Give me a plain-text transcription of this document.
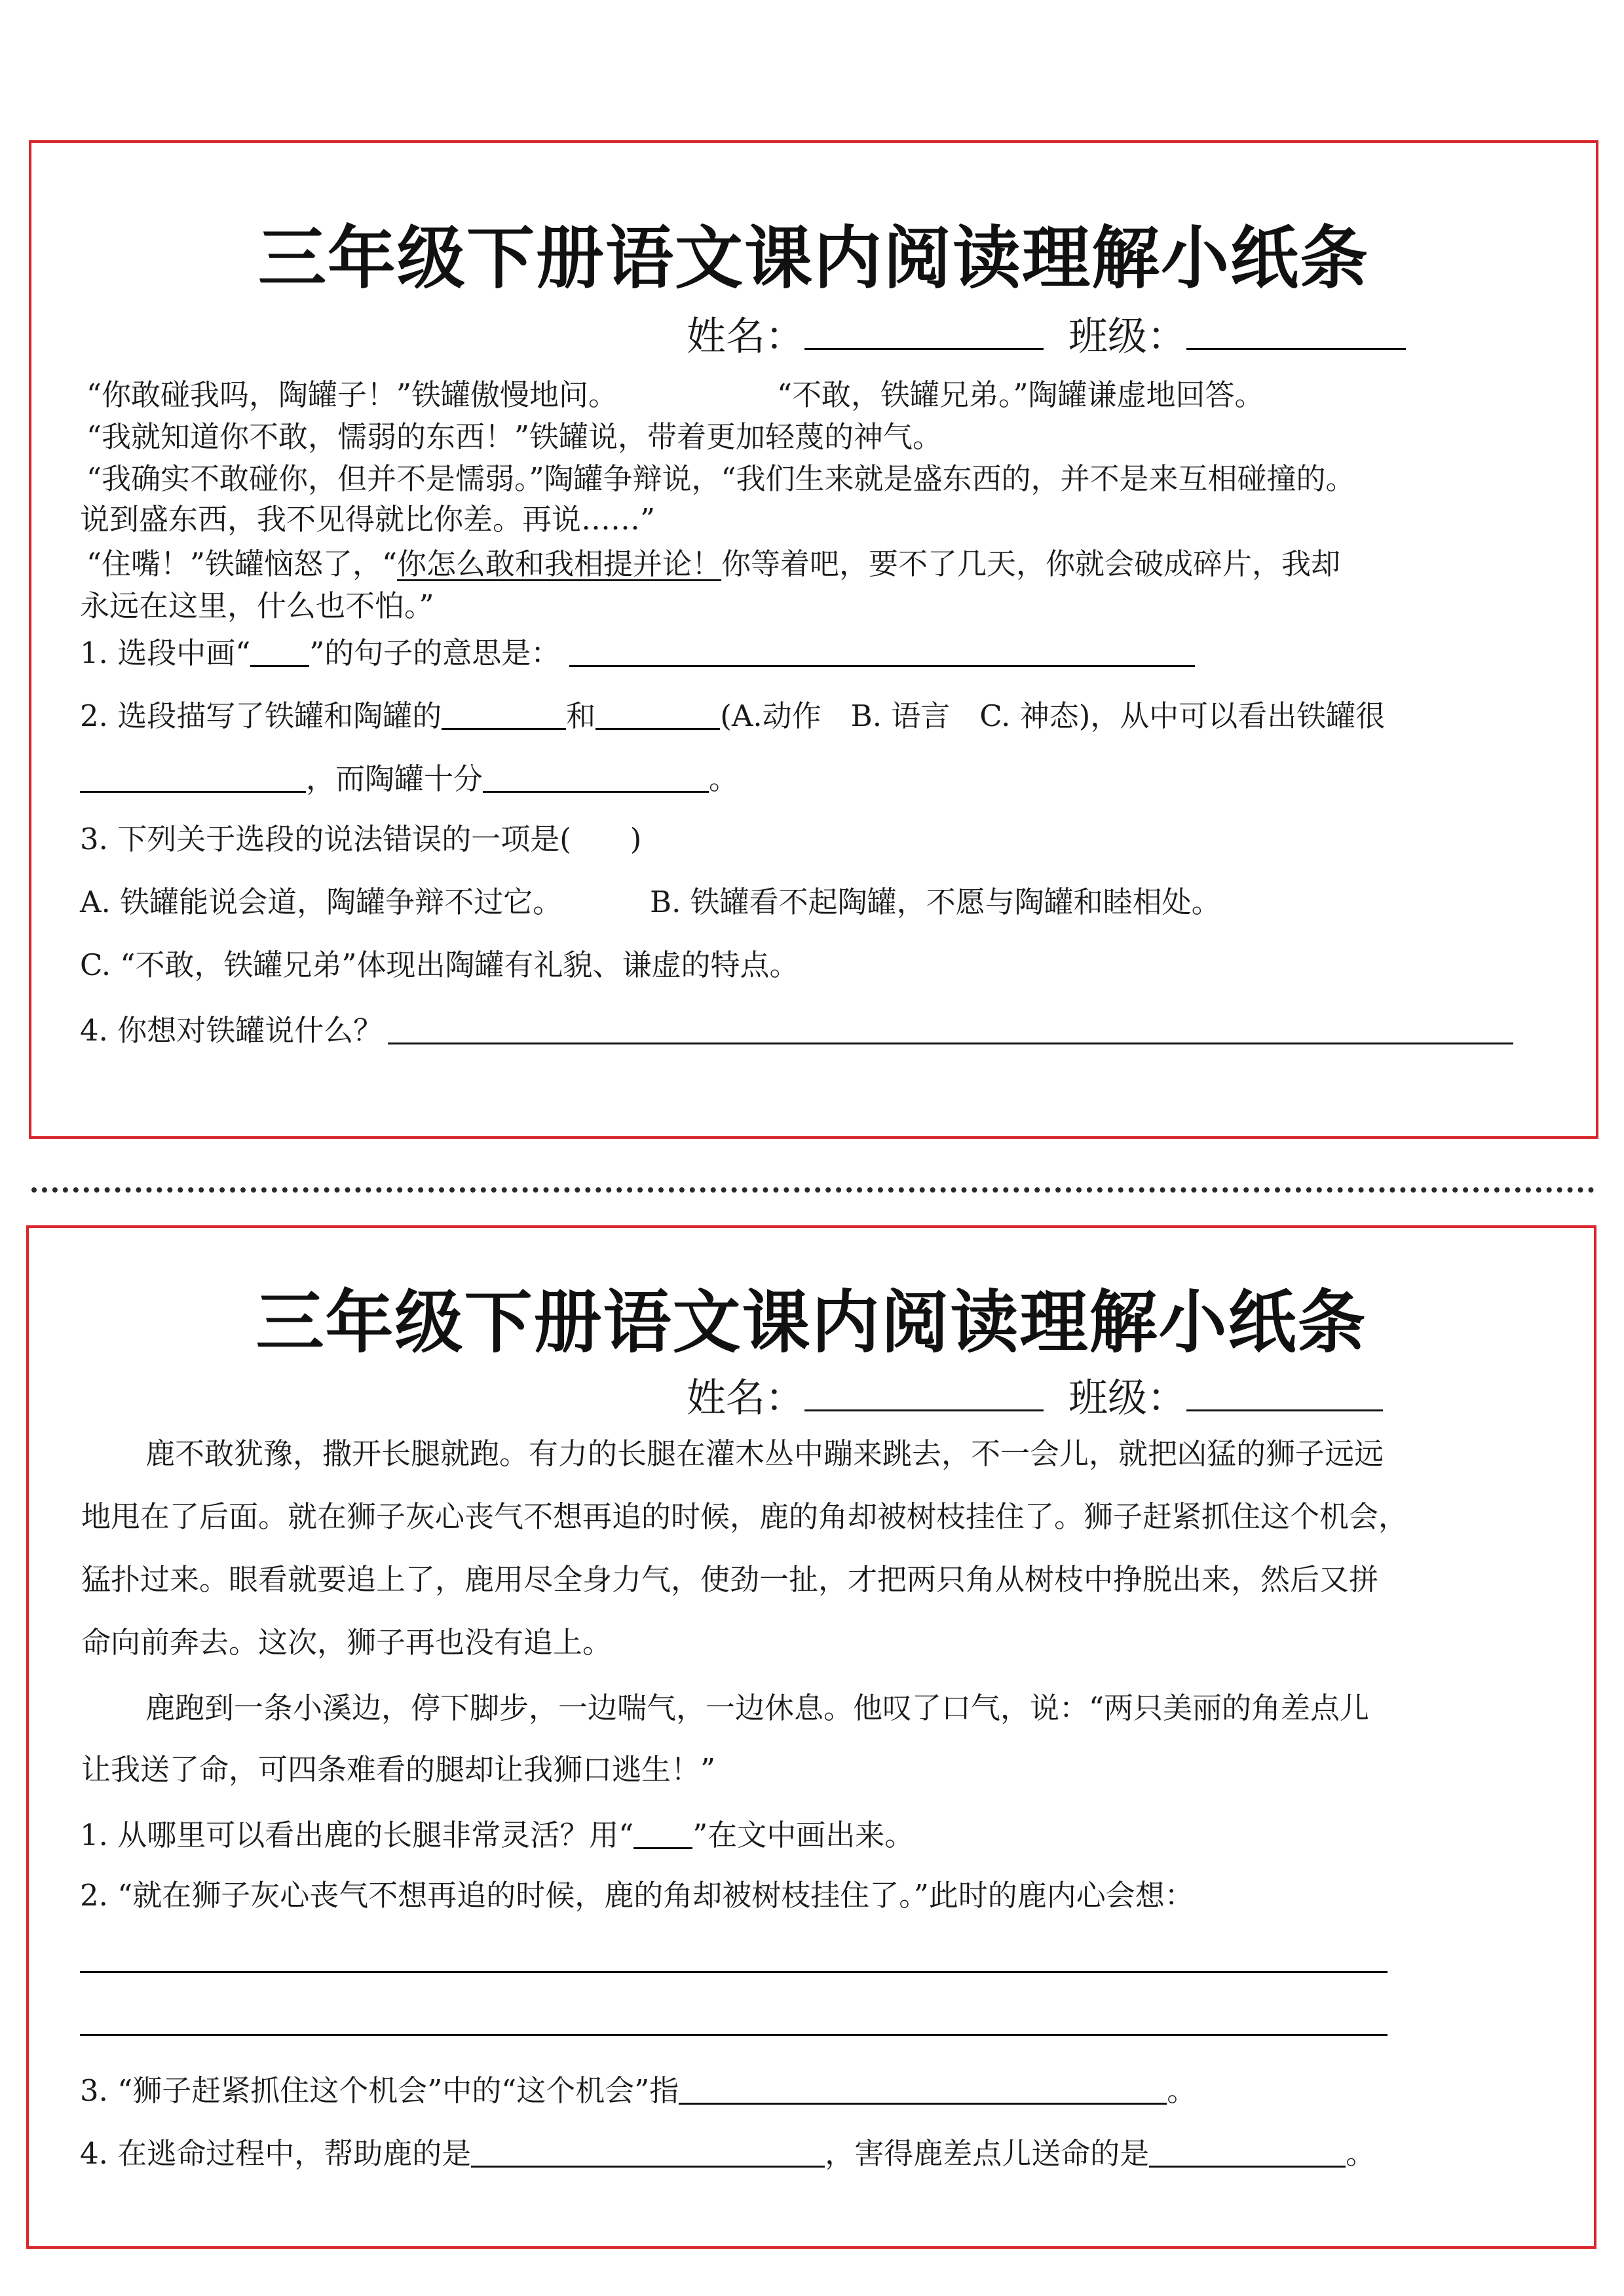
三年级下册语文课内阅读理解小纸条
姓名：	班级：
“你敢碰我吗，陶罐子！”铁罐傲慢地问。	“不敢，铁罐兄弟。”陶罐谦虚地回答。
“我就知道你不敢，懦弱的东西！”铁罐说，带着更加轻蔑的神气。
“我确实不敢碰你，但并不是懦弱。”陶罐争辩说，“我们生来就是盛东西的，并不是来互相碰撞的。
说到盛东西，我不见得就比你差。再说……”
“住嘴！”铁罐恼怒了，“你怎么敢和我相提并论！你等着吧，要不了几天，你就会破成碎片，我却
永远在这里，什么也不怕。”
1. 选段中画“ ”的句子的意思是：
2. 选段描写了铁罐和陶罐的	和	(A.动作　B. 语言　C. 神态)，从中可以看出铁罐很
，而陶罐十分	。
3. 下列关于选段的说法错误的一项是(　　)
A. 铁罐能说会道，陶罐争辩不过它。	B. 铁罐看不起陶罐，不愿与陶罐和睦相处。
C. “不敢，铁罐兄弟”体现出陶罐有礼貌、谦虚的特点。
4. 你想对铁罐说什么？
三年级下册语文课内阅读理解小纸条
姓名：	班级：
鹿不敢犹豫，撒开长腿就跑。有力的长腿在灌木丛中蹦来跳去，不一会儿，就把凶猛的狮子远远
地甩在了后面。就在狮子灰心丧气不想再追的时候，鹿的角却被树枝挂住了。狮子赶紧抓住这个机会，
猛扑过来。眼看就要追上了，鹿用尽全身力气，使劲一扯，才把两只角从树枝中挣脱出来，然后又拼
命向前奔去。这次，狮子再也没有追上。
鹿跑到一条小溪边，停下脚步，一边喘气，一边休息。他叹了口气，说：“两只美丽的角差点儿
让我送了命，可四条难看的腿却让我狮口逃生！”
1. 从哪里可以看出鹿的长腿非常灵活？用“ ”在文中画出来。
2. “就在狮子灰心丧气不想再追的时候，鹿的角却被树枝挂住了。”此时的鹿内心会想：
3. “狮子赶紧抓住这个机会”中的“这个机会”指	。
4. 在逃命过程中，帮助鹿的是	，害得鹿差点儿送命的是	。
